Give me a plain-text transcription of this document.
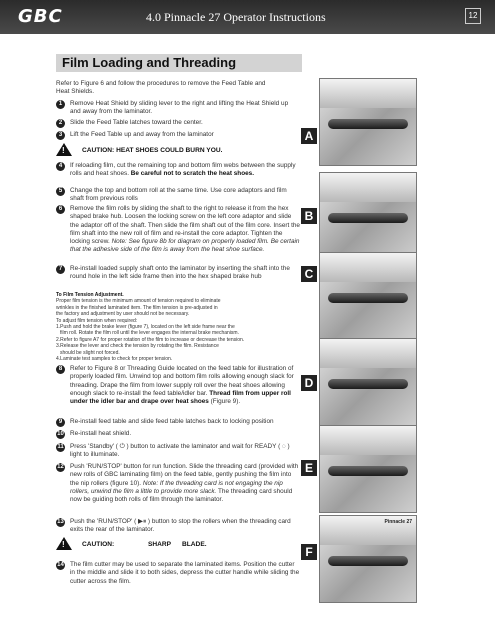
GBC	4.0 Pinnacle 27 Operator Instructions	12
Film Loading and Threading
Refer to Figure 6 and follow the procedures to remove the Feed Table and Heat Shields.
1	Remove Heat Shield by sliding lever to the right and lifting the Heat Shield up and away from the laminator.
2	Slide the Feed Table latches toward the center.
3	Lift the Feed Table up and away from the laminator
!	CAUTION: HEAT SHOES COULD BURN YOU.
4	If reloading film, cut the remaining top and bottom film webs between the supply rolls and heat shoes. Be careful not to scratch the heat shoes.
5	Change the top and bottom roll at the same time. Use core adaptors and film shaft from previous rolls
6	Remove the film rolls by sliding the shaft to the right to release it from the hex shaped brake hub. Loosen the locking screw on the left core adaptor and slide the adaptor off of the shaft. Then slide the film shaft out of the film core. Insert the film shaft into the new roll of film and re-install the core adaptor. Tighten the locking screw. Note: See figure 8b for diagram on properly loaded film. Be certain that the adhesive side of the film is away from the heat shoe surface.
7	Re-install loaded supply shaft onto the laminator by inserting the shaft into the round hole in the left side frame then into the hex shaped brake hub
To Film Tension Adjustment.
Proper film tension is the minimum amount of tension required to eliminate
wrinkles in the finished laminated item. The film tension is pre-adjusted in
the factory and adjustment by user should not be necessary.
To adjust film tension when required:
1.Push and hold the brake lever (figure 7), located on the left side frame near the
film roll. Rotate the film roll until the lever engages the internal brake mechanism.
2.Refer to figure A7 for proper rotation of the film to increase or decrease the tension.
3.Release the lever and check the tension by rotating the film. Resistance
should be slight not forced.
4.Laminate test samples to check for proper tension.
8	Refer to Figure 8 or Threading Guide located on the feed table for illustration of properly loaded film. Unwind top and bottom film rolls allowing enough slack for threading. Drape the film from lower supply roll over the heat shoes allowing enough slack to re-install the feed table/idler bar. Thread film from upper roll under the idler bar and drape over heat shoes (Figure 9).
9	Re-install feed table and slide feed table latches back to locking position
10 Re-install heat shield.
11 Press 'Standby' ( ⏻ ) button to activate the laminator and wait for READY ( ◌ ) light to illuminate.
12 Push 'RUN/STOP' button for run function. Slide the threading card (provided with new rolls of GBC laminating film) on the feed table, gently pushing the film into the nip rollers (figure 10). Note: If the threading card is not engaging the nip rollers, unwind the film a little to provide more slack. The threading card should now be guiding both rolls of film through the laminator.
13 Push the 'RUN/STOP' ( ▶⏸ ) button to stop the rollers when the threading card exits the rear of the laminator.
!	CAUTION:	SHARP BLADE.
14 The film cutter may be used to separate the laminated items. Position the cutter in the middle and slide it to both sides, depress the cutter handle while sliding the cutter across the film.
A
B
C
D
E
Pinnacle 27
F
